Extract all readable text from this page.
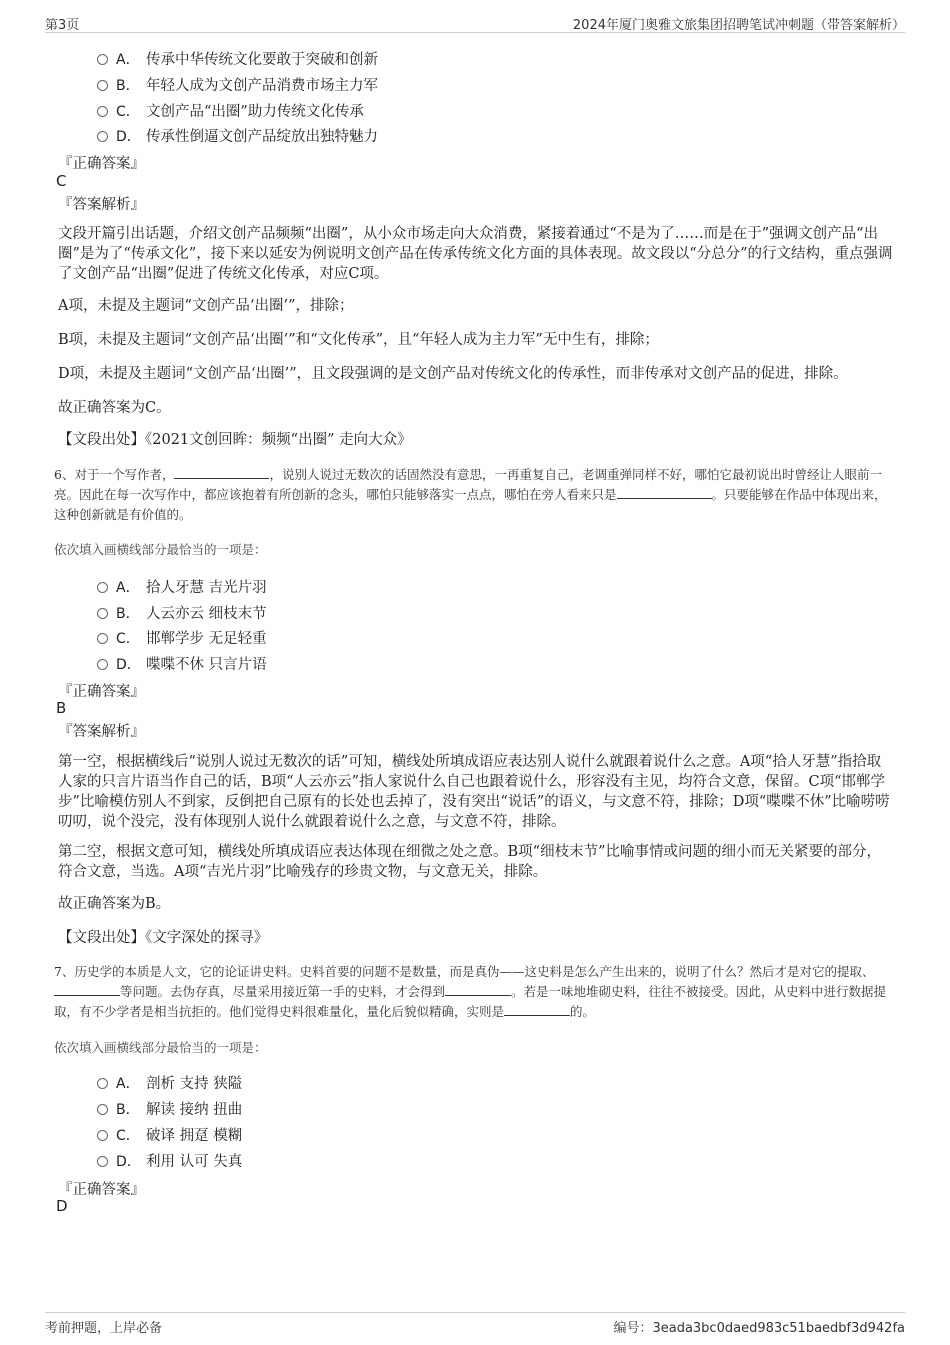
第3页	2024年厦门奥雅文旅集团招聘笔试冲刺题（带答案解析）
A． 传承中华传统文化要敢于突破和创新
B． 年轻人成为文创产品消费市场主力军
C． 文创产品“出圈”助力传统文化传承
D． 传承性倒逼文创产品绽放出独特魅力
『正确答案』
C
『答案解析』
文段开篇引出话题，介绍文创产品频频“出圈”，从小众市场走向大众消费，紧接着通过“不是为了……而是在于”强调文创产品“出圈”是为了“传承文化”，接下来以延安为例说明文创产品在传承传统文化方面的具体表现。故文段以“分总分”的行文结构，重点强调了文创产品“出圈”促进了传统文化传承，对应C项。
A项，未提及主题词“文创产品‘出圈’”，排除；
B项，未提及主题词“文创产品‘出圈’”和“文化传承”，且“年轻人成为主力军”无中生有，排除；
D项，未提及主题词“文创产品‘出圈’”，且文段强调的是文创产品对传统文化的传承性，而非传承对文创产品的促进，排除。
故正确答案为C。
【文段出处】《2021文创回眸：频频“出圈” 走向大众》
6、对于一个写作者，	，说别人说过无数次的话固然没有意思，一再重复自己，老调重弹同样不好，哪怕它最初说出时曾经让人眼前一亮。因此在每一次写作中，都应该抱着有所创新的念头，哪怕只能够落实一点点，哪怕在旁人看来只是	。只要能够在作品中体现出来，这种创新就是有价值的。
依次填入画横线部分最恰当的一项是：
A． 拾人牙慧 吉光片羽
B． 人云亦云 细枝末节
C． 邯郸学步 无足轻重
D． 喋喋不休 只言片语
『正确答案』
B
『答案解析』
第一空，根据横线后“说别人说过无数次的话”可知，横线处所填成语应表达别人说什么就跟着说什么之意。A项“拾人牙慧”指拾取人家的只言片语当作自己的话，B项“人云亦云”指人家说什么自己也跟着说什么，形容没有主见，均符合文意，保留。C项“邯郸学步”比喻模仿别人不到家，反倒把自己原有的长处也丢掉了，没有突出“说话”的语义，与文意不符，排除；D项“喋喋不休”比喻唠唠叨叨，说个没完，没有体现别人说什么就跟着说什么之意，与文意不符，排除。
第二空，根据文意可知，横线处所填成语应表达体现在细微之处之意。B项“细枝末节”比喻事情或问题的细小而无关紧要的部分，符合文意，当选。A项“吉光片羽”比喻残存的珍贵文物，与文意无关，排除。
故正确答案为B。
【文段出处】《文字深处的探寻》
7、历史学的本质是人文，它的论证讲史料。史料首要的问题不是数量，而是真伪——这史料是怎么产生出来的，说明了什么？然后才是对它的提取、等问题。去伪存真，尽量采用接近第一手的史料，才会得到	。若是一味地堆砌史料，往往不被接受。因此，从史料中进行数据提取，有不少学者是相当抗拒的。他们觉得史料很难量化，量化后貌似精确，实则是	的。
依次填入画横线部分最恰当的一项是：
A． 剖析 支持 狭隘
B． 解读 接纳 扭曲
C． 破译 拥趸 模糊
D． 利用 认可 失真
『正确答案』
D
考前押题，上岸必备	编号：3eada3bc0daed983c51baedbf3d942fa
